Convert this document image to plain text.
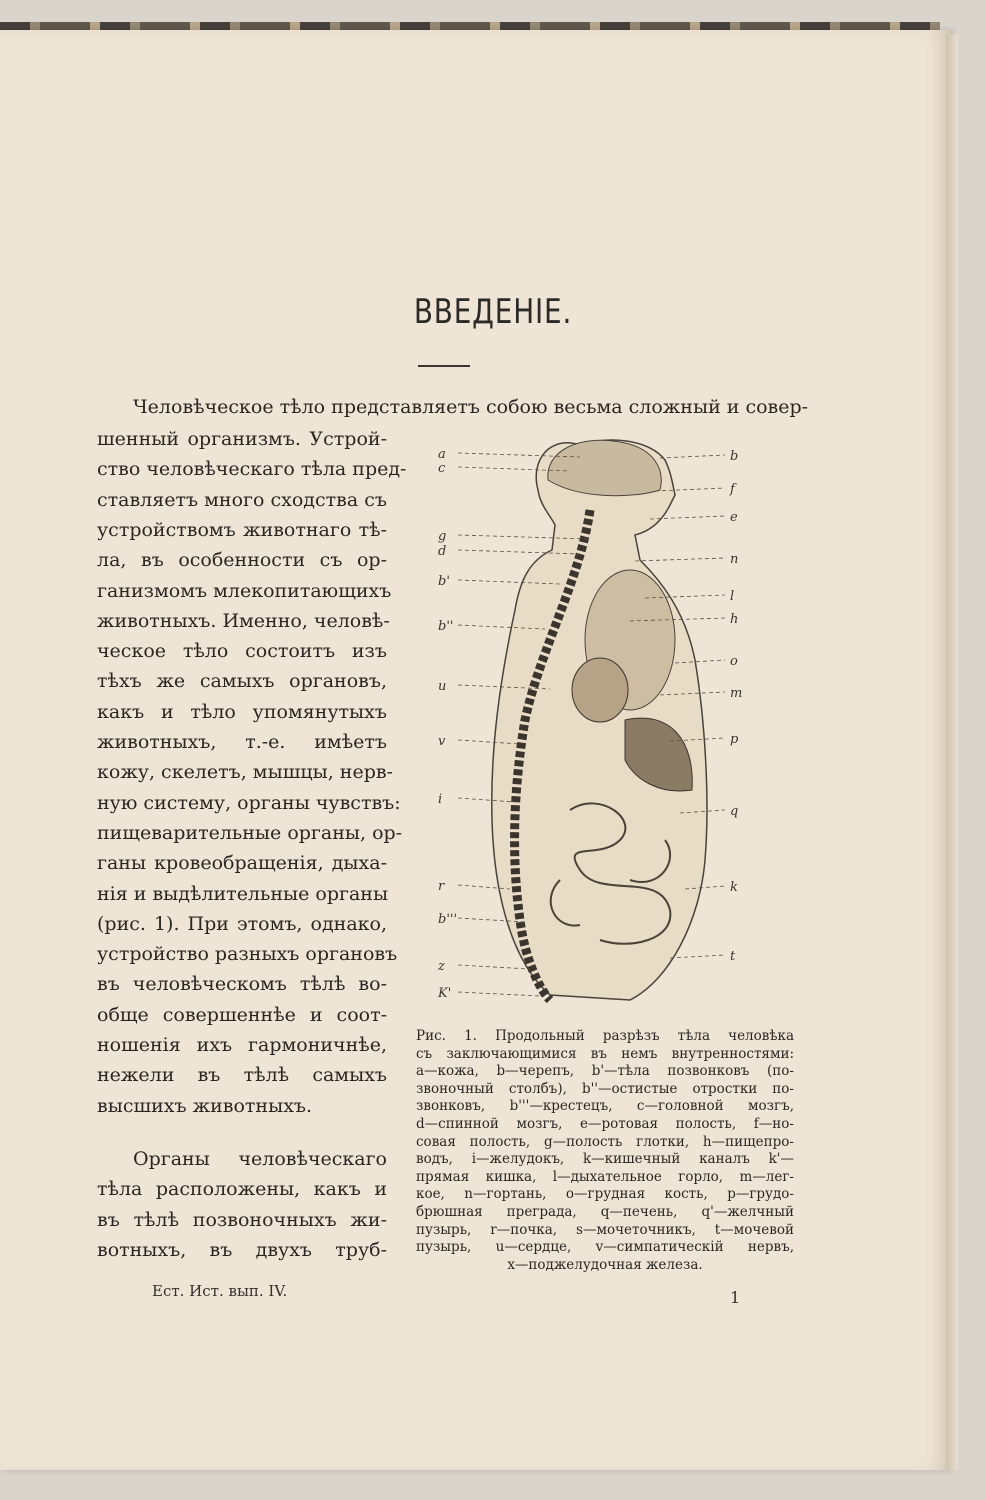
ВВЕДЕНІЕ.
Человѣческое тѣло представляетъ собою весьма сложный и совер-
шенный организмъ. Устрой-
ство человѣческаго тѣла пред-
ставляетъ много сходства съ
устройствомъ животнаго тѣ-
ла, въ особенности съ ор-
ганизмомъ млекопитающихъ
животныхъ. Именно, человѣ-
ческое тѣло состоитъ изъ
тѣхъ же самыхъ органовъ,
какъ и тѣло упомянутыхъ
животныхъ, т.-е. имѣетъ
кожу, скелетъ, мышцы, нерв-
ную систему, органы чувствъ:
пищеварительные органы, ор-
ганы кровеобращенія, дыха-
нія и выдѣлительные органы
(рис. 1). При этомъ, однако,
устройство разныхъ органовъ
въ человѣческомъ тѣлѣ во-
обще совершеннѣе и соот-
ношенія ихъ гармоничнѣе,
нежели въ тѣлѣ самыхъ
высшихъ животныхъ.
Органы человѣческаго
тѣла расположены, какъ и
въ тѣлѣ позвоночныхъ жи-
вотныхъ, въ двухъ труб-
a
c
g
d
b'
b''
u
v
i
r
b'''
z
K'
b
f
e
n
l
h
o
m
p
q
k
t
Рис. 1. Продольный разрѣзъ тѣла человѣка
съ заключающимися въ немъ внутренностями:
a—кожа, b—черепъ, b'—тѣла позвонковъ (по-
звоночный столбъ), b''—остистые отростки по-
звонковъ, b'''—крестецъ, c—головной мозгъ,
d—спинной мозгъ, e—ротовая полость, f—но-
совая полость, g—полость глотки, h—пищепро-
водъ, i—желудокъ, k—кишечный каналъ k'—
прямая кишка, l—дыхательное горло, m—лег-
кое, n—гортань, o—грудная кость, p—грудо-
брюшная преграда, q—печень, q'—желчный
пузырь, r—почка, s—мочеточникъ, t—мочевой
пузырь, u—сердце, v—симпатическій нервъ,
x—поджелудочная железа.
Ест. Ист. вып. IV.	1
